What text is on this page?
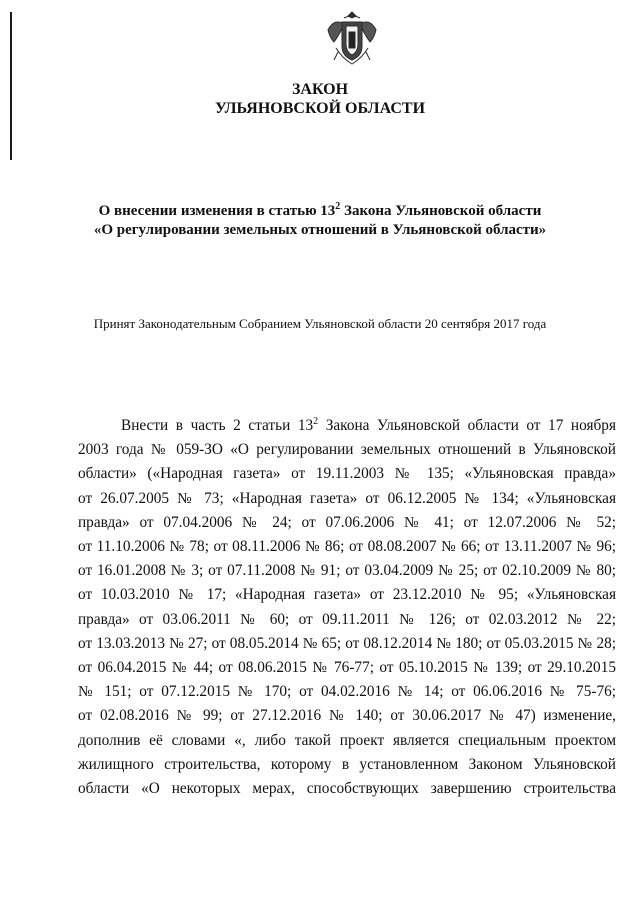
ЗАКОН
УЛЬЯНОВСКОЙ ОБЛАСТИ
О внесении изменения в статью $13^2$ Закона Ульяновской области
«О регулировании земельных отношений в Ульяновской области»
Принят Законодательным Собранием Ульяновской области 20 сентября 2017 года
Внести в часть 2 статьи $13^2$ Закона Ульяновской области от 17 ноября
2003 года № 059-ЗО «О регулировании земельных отношений в Ульяновской
области» («Народная газета» от 19.11.2003 № 135; «Ульяновская правда»
от 26.07.2005 № 73; «Народная газета» от 06.12.2005 № 134; «Ульяновская
правда» от 07.04.2006 № 24; от 07.06.2006 № 41; от 12.07.2006 № 52;
от 11.10.2006 № 78; от 08.11.2006 № 86; от 08.08.2007 № 66; от 13.11.2007 № 96;
от 16.01.2008 № 3; от 07.11.2008 № 91; от 03.04.2009 № 25; от 02.10.2009 № 80;
от 10.03.2010 № 17; «Народная газета» от 23.12.2010 № 95; «Ульяновская
правда» от 03.06.2011 № 60; от 09.11.2011 № 126; от 02.03.2012 № 22;
от 13.03.2013 № 27; от 08.05.2014 № 65; от 08.12.2014 № 180; от 05.03.2015 № 28;
от 06.04.2015 № 44; от 08.06.2015 № 76-77; от 05.10.2015 № 139; от 29.10.2015
№ 151; от 07.12.2015 № 170; от 04.02.2016 № 14; от 06.06.2016 № 75-76;
от 02.08.2016 № 99; от 27.12.2016 № 140; от 30.06.2017 № 47) изменение,
дополнив её словами «, либо такой проект является специальным проектом
жилищного строительства, которому в установленном Законом Ульяновской
области «О некоторых мерах, способствующих завершению строительства
